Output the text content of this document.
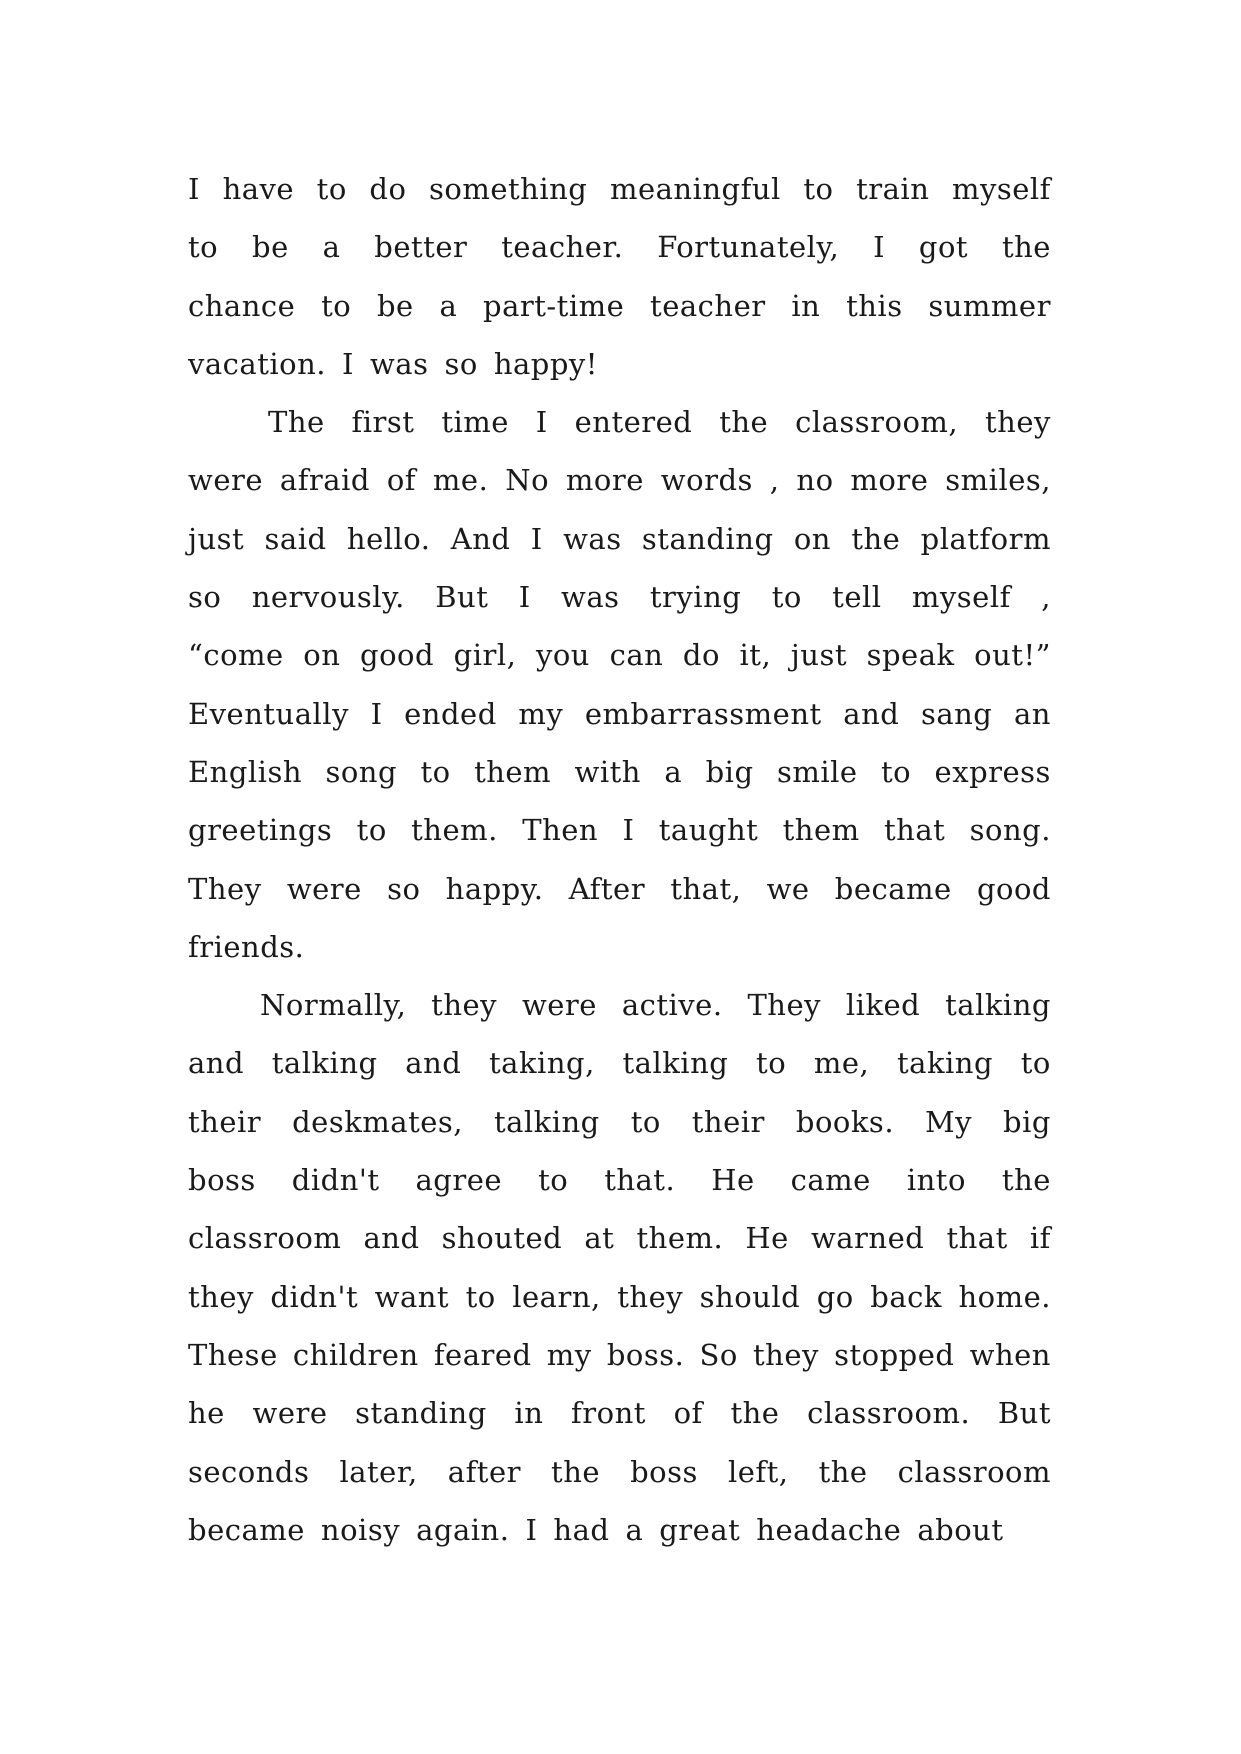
I have to do something meaningful to train myself
to be a better teacher. Fortunately, I got the
chance to be a part-time teacher in this summer
vacation. I was so happy!
The first time I entered the classroom, they
were afraid of me. No more words , no more smiles,
just said hello. And I was standing on the platform
so nervously. But I was trying to tell myself ,
“come on good girl, you can do it, just speak out!”
Eventually I ended my embarrassment and sang an
English song to them with a big smile to express
greetings to them. Then I taught them that song.
They were so happy. After that, we became good
friends.
Normally, they were active. They liked talking
and talking and taking, talking to me, taking to
their deskmates, talking to their books. My big
boss didn't agree to that. He came into the
classroom and shouted at them. He warned that if
they didn't want to learn, they should go back home.
These children feared my boss. So they stopped when
he were standing in front of the classroom. But
seconds later, after the boss left, the classroom
became noisy again. I had a great headache about
